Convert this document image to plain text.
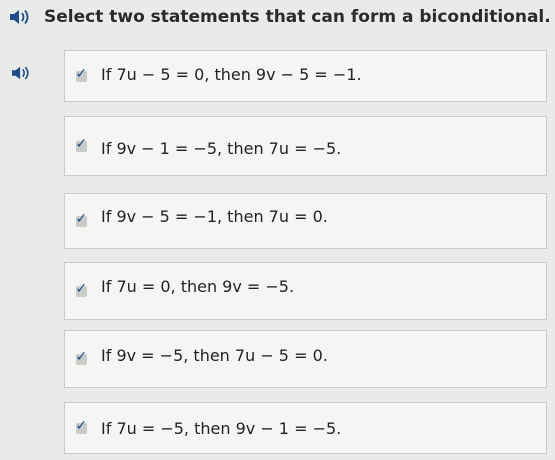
Select two statements that can form a biconditional.
✓
If 7u − 5 = 0, then 9v − 5 = −1.
✓
If 9v − 1 = −5, then 7u = −5.
✓
If 9v − 5 = −1, then 7u = 0.
✓
If 7u = 0, then 9v = −5.
✓
If 9v = −5, then 7u − 5 = 0.
✓
If 7u = −5, then 9v − 1 = −5.
